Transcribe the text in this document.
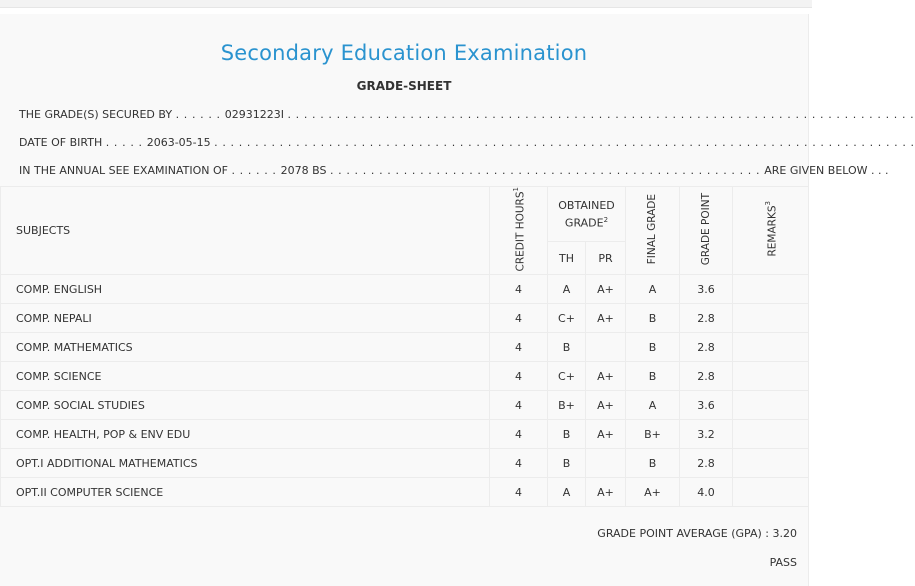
Secondary Education Examination
GRADE-SHEET
THE GRADE(S) SECURED BY . . . . . . 02931223I . . . . . . . . . . . . . . . . . . . . . . . . . . . . . . . . . . . . . . . . . . . . . . . . . . . . . . . . . . . . . . . . . . . . . . . . . . . . .
DATE OF BIRTH . . . . . 2063-05-15 . . . . . . . . . . . . . . . . . . . . . . . . . . . . . . . . . . . . . . . . . . . . . . . . . . . . . . . . . . . . . . . . . . . . . . . . . . . . . . . . . . . . . .
IN THE ANNUAL SEE EXAMINATION OF . . . . . . 2078 BS . . . . . . . . . . . . . . . . . . . . . . . . . . . . . . . . . . . . . . . . . . . . . . . . . . . . . ARE GIVEN BELOW . . .
SUBJECTS	CREDIT HOURS$^1$	OBTAINED GRADE$^2$		FINAL GRADE	GRADE POINT	REMARKS$^3$
		TH	PR			
COMP. ENGLISH	4	A	A+	A	3.6	
COMP. NEPALI	4	C+	A+	B	2.8	
COMP. MATHEMATICS	4	B		B	2.8	
COMP. SCIENCE	4	C+	A+	B	2.8	
COMP. SOCIAL STUDIES	4	B+	A+	A	3.6	
COMP. HEALTH, POP & ENV EDU	4	B	A+	B+	3.2	
OPT.I ADDITIONAL MATHEMATICS	4	B		B	2.8	
OPT.II COMPUTER SCIENCE	4	A	A+	A+	4.0	
GRADE POINT AVERAGE (GPA) : 3.20
PASS
